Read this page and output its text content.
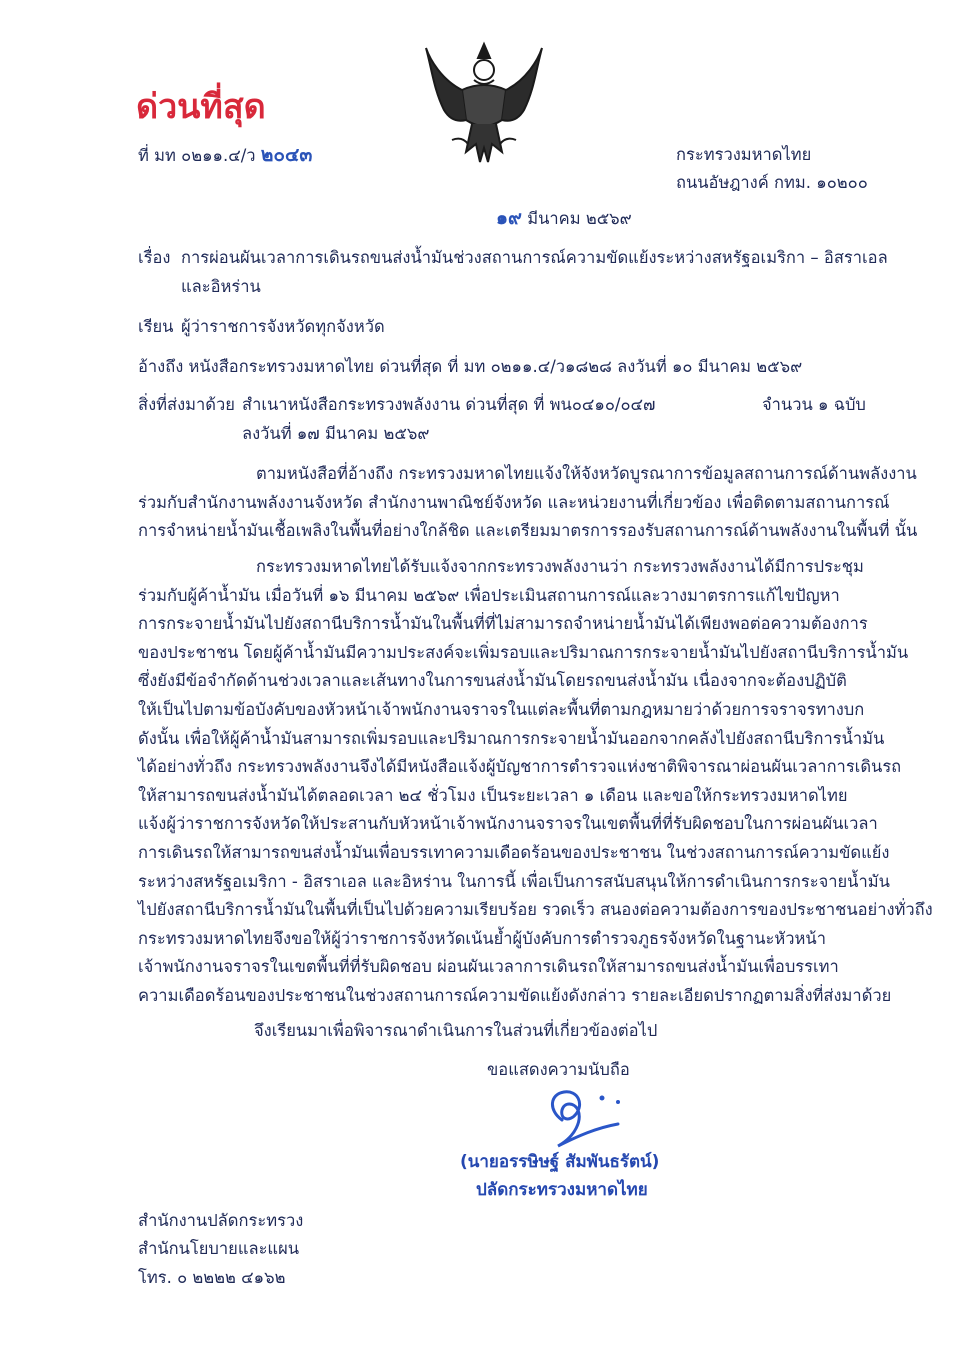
ด่วนที่สุด
ที่ มท ๐๒๑๑.๔/ว ๒๐๔๓	กระทรวงมหาดไทย
ถนนอัษฎางค์ กทม. ๑๐๒๐๐
๑๙ มีนาคม ๒๕๖๙
เรื่อง การผ่อนผันเวลาการเดินรถขนส่งน้ำมันช่วงสถานการณ์ความขัดแย้งระหว่างสหรัฐอเมริกา – อิสราเอล
และอิหร่าน
เรียน ผู้ว่าราชการจังหวัดทุกจังหวัด
อ้างถึง หนังสือกระทรวงมหาดไทย ด่วนที่สุด ที่ มท ๐๒๑๑.๔/ว๑๘๒๘ ลงวันที่ ๑๐ มีนาคม ๒๕๖๙
สิ่งที่ส่งมาด้วย สำเนาหนังสือกระทรวงพลังงาน ด่วนที่สุด ที่ พน๐๔๑๐/๐๔๗	จำนวน ๑ ฉบับ
ลงวันที่ ๑๗ มีนาคม ๒๕๖๙
ตามหนังสือที่อ้างถึง กระทรวงมหาดไทยแจ้งให้จังหวัดบูรณาการข้อมูลสถานการณ์ด้านพลังงาน
ร่วมกับสำนักงานพลังงานจังหวัด สำนักงานพาณิชย์จังหวัด และหน่วยงานที่เกี่ยวข้อง เพื่อติดตามสถานการณ์
การจำหน่ายน้ำมันเชื้อเพลิงในพื้นที่อย่างใกล้ชิด และเตรียมมาตรการรองรับสถานการณ์ด้านพลังงานในพื้นที่ นั้น
กระทรวงมหาดไทยได้รับแจ้งจากกระทรวงพลังงานว่า กระทรวงพลังงานได้มีการประชุม
ร่วมกับผู้ค้าน้ำมัน เมื่อวันที่ ๑๖ มีนาคม ๒๕๖๙ เพื่อประเมินสถานการณ์และวางมาตรการแก้ไขปัญหา
การกระจายน้ำมันไปยังสถานีบริการน้ำมันในพื้นที่ที่ไม่สามารถจำหน่ายน้ำมันได้เพียงพอต่อความต้องการ
ของประชาชน โดยผู้ค้าน้ำมันมีความประสงค์จะเพิ่มรอบและปริมาณการกระจายน้ำมันไปยังสถานีบริการน้ำมัน
ซึ่งยังมีข้อจำกัดด้านช่วงเวลาและเส้นทางในการขนส่งน้ำมันโดยรถขนส่งน้ำมัน เนื่องจากจะต้องปฏิบัติ
ให้เป็นไปตามข้อบังคับของหัวหน้าเจ้าพนักงานจราจรในแต่ละพื้นที่ตามกฎหมายว่าด้วยการจราจรทางบก
ดังนั้น เพื่อให้ผู้ค้าน้ำมันสามารถเพิ่มรอบและปริมาณการกระจายน้ำมันออกจากคลังไปยังสถานีบริการน้ำมัน
ได้อย่างทั่วถึง กระทรวงพลังงานจึงได้มีหนังสือแจ้งผู้บัญชาการตำรวจแห่งชาติพิจารณาผ่อนผันเวลาการเดินรถ
ให้สามารถขนส่งน้ำมันได้ตลอดเวลา ๒๔ ชั่วโมง เป็นระยะเวลา ๑ เดือน และขอให้กระทรวงมหาดไทย
แจ้งผู้ว่าราชการจังหวัดให้ประสานกับหัวหน้าเจ้าพนักงานจราจรในเขตพื้นที่ที่รับผิดชอบในการผ่อนผันเวลา
การเดินรถให้สามารถขนส่งน้ำมันเพื่อบรรเทาความเดือดร้อนของประชาชน ในช่วงสถานการณ์ความขัดแย้ง
ระหว่างสหรัฐอเมริกา - อิสราเอล และอิหร่าน ในการนี้ เพื่อเป็นการสนับสนุนให้การดำเนินการกระจายน้ำมัน
ไปยังสถานีบริการน้ำมันในพื้นที่เป็นไปด้วยความเรียบร้อย รวดเร็ว สนองต่อความต้องการของประชาชนอย่างทั่วถึง
กระทรวงมหาดไทยจึงขอให้ผู้ว่าราชการจังหวัดเน้นย้ำผู้บังคับการตำรวจภูธรจังหวัดในฐานะหัวหน้า
เจ้าพนักงานจราจรในเขตพื้นที่ที่รับผิดชอบ ผ่อนผันเวลาการเดินรถให้สามารถขนส่งน้ำมันเพื่อบรรเทา
ความเดือดร้อนของประชาชนในช่วงสถานการณ์ความขัดแย้งดังกล่าว รายละเอียดปรากฏตามสิ่งที่ส่งมาด้วย
จึงเรียนมาเพื่อพิจารณาดำเนินการในส่วนที่เกี่ยวข้องต่อไป
ขอแสดงความนับถือ
(นายอรรษิษฐ์ สัมพันธรัตน์)
ปลัดกระทรวงมหาดไทย
สำนักงานปลัดกระทรวง
สำนักนโยบายและแผน
โทร. ๐ ๒๒๒๒ ๔๑๖๒
